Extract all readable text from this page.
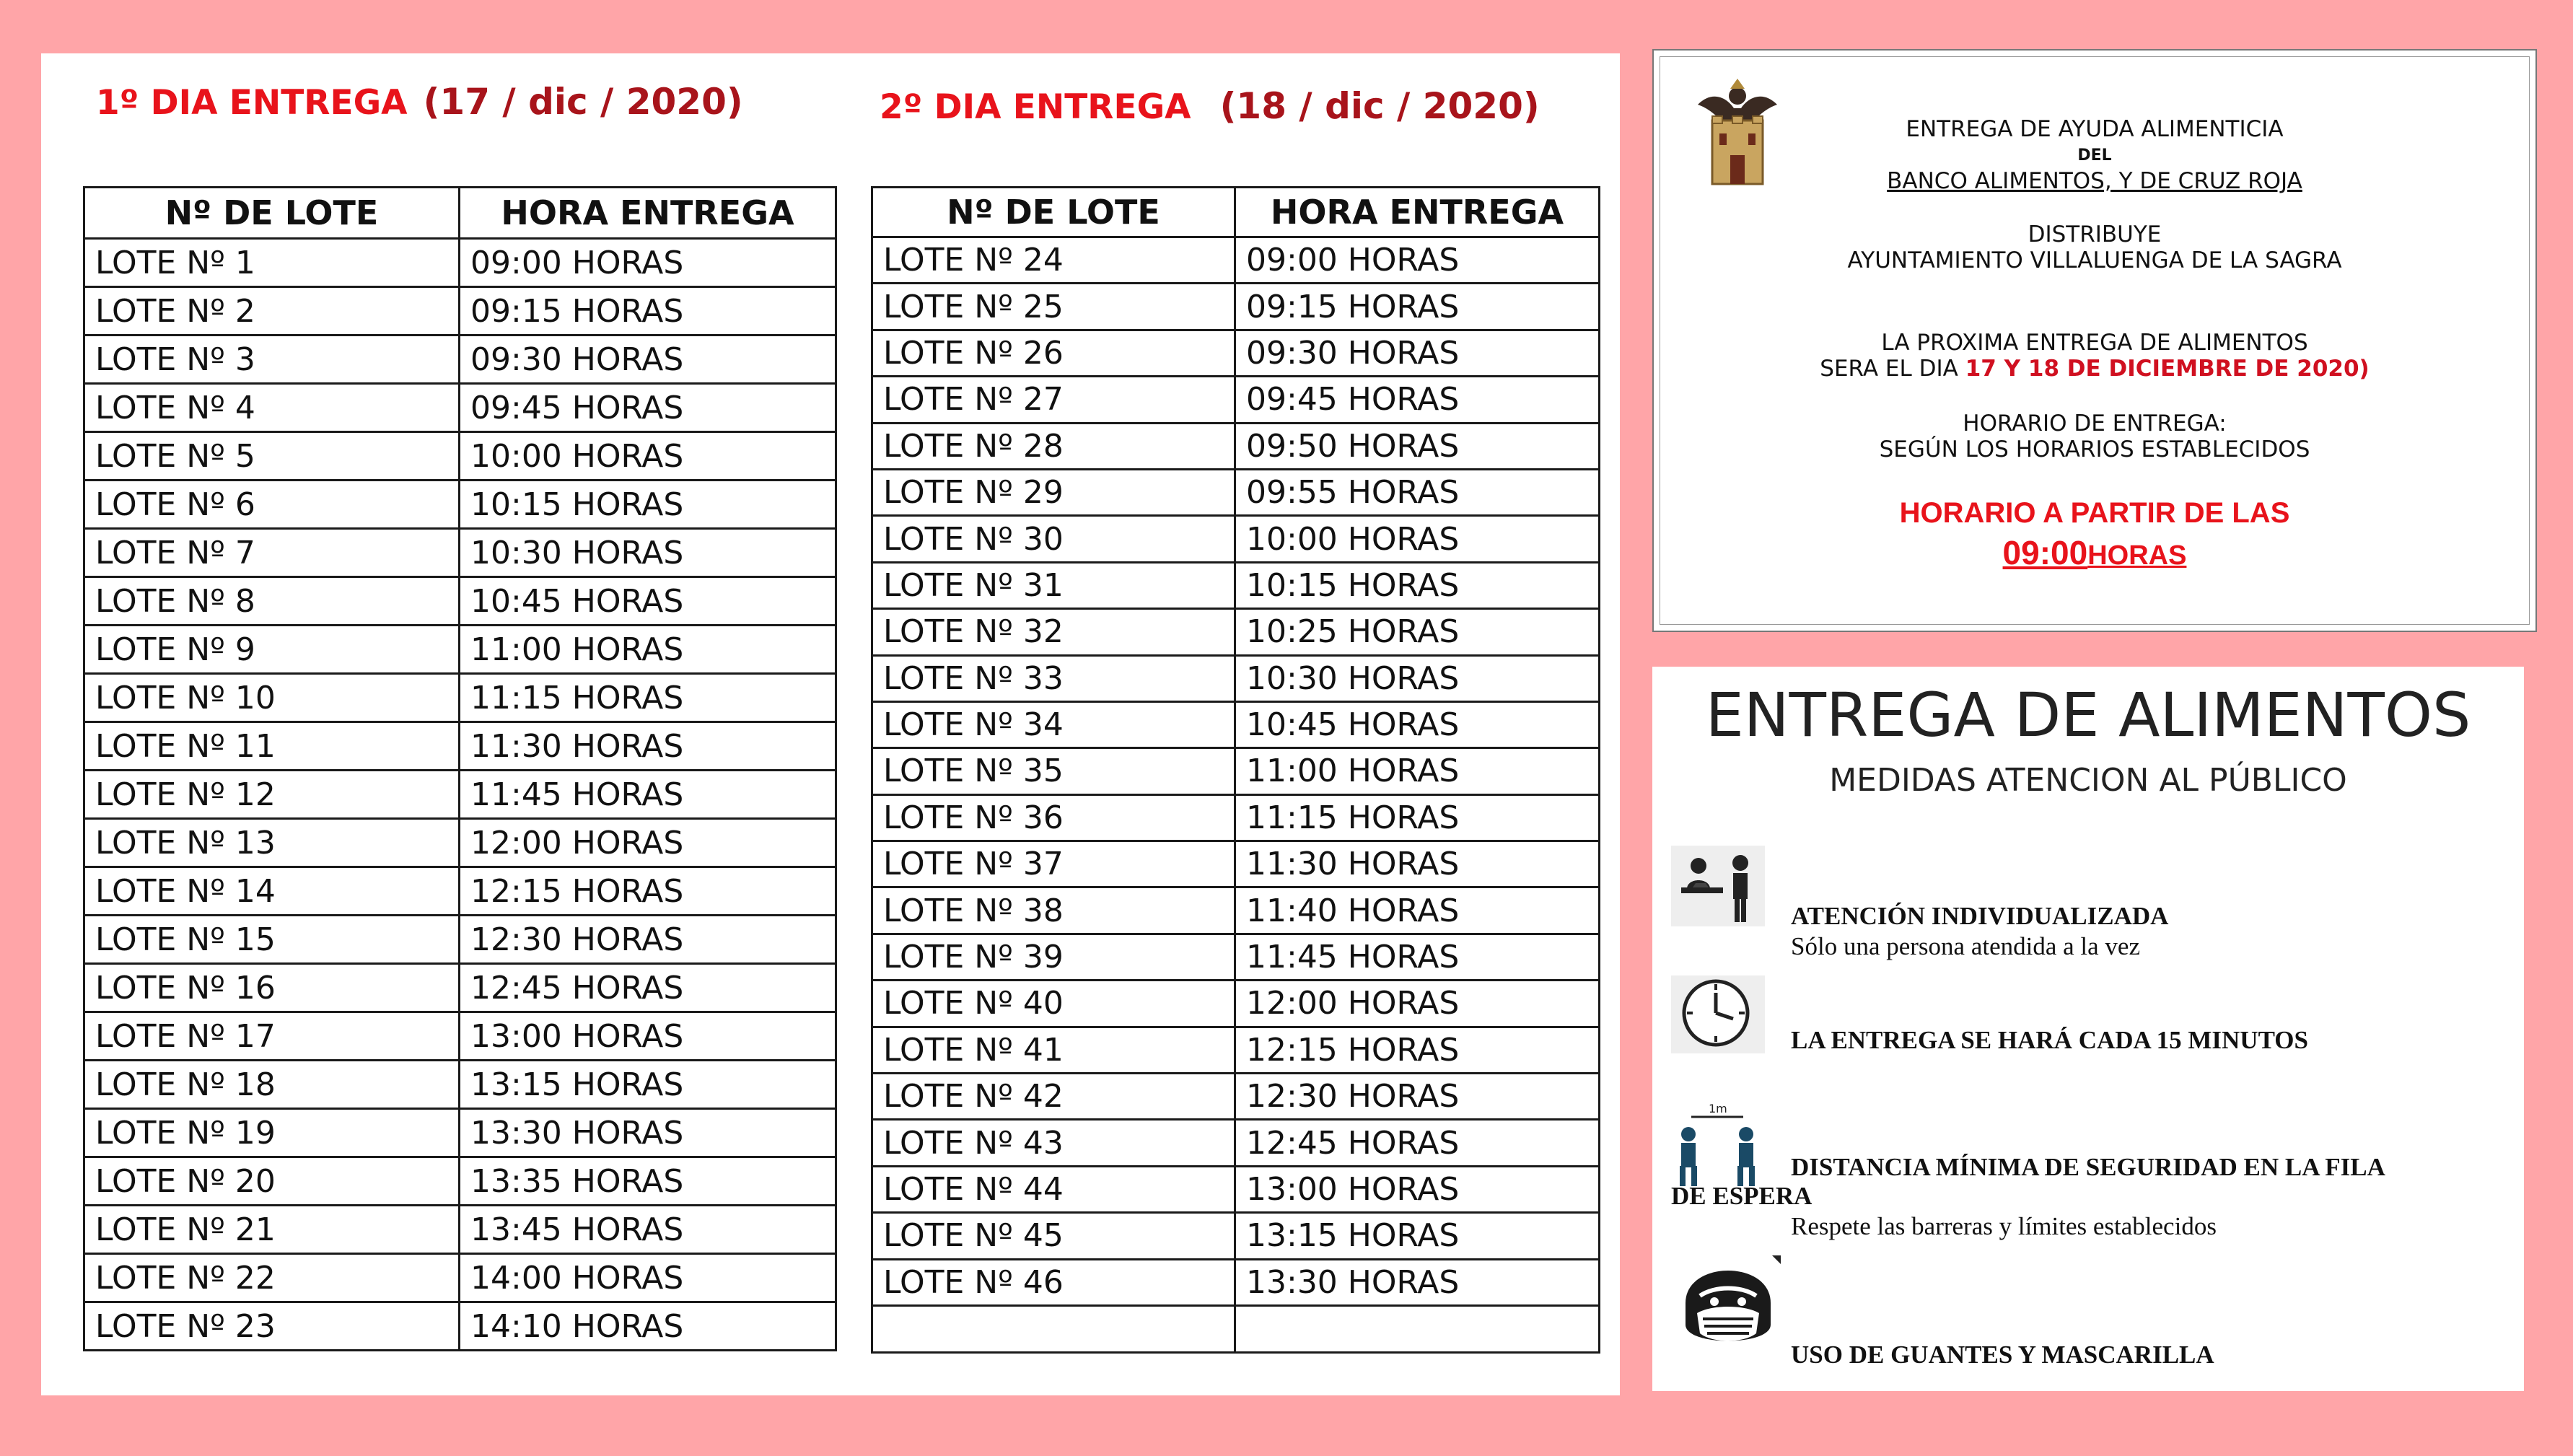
1º DIA ENTREGA (17 / dic / 2020)	2º DIA ENTREGA (18 / dic / 2020)
Nº DE LOTE	HORA ENTREGA
LOTE Nº 1	09:00 HORAS
LOTE Nº 2	09:15 HORAS
LOTE Nº 3	09:30 HORAS
LOTE Nº 4	09:45 HORAS
LOTE Nº 5	10:00 HORAS
LOTE Nº 6	10:15 HORAS
LOTE Nº 7	10:30 HORAS
LOTE Nº 8	10:45 HORAS
LOTE Nº 9	11:00 HORAS
LOTE Nº 10	11:15 HORAS
LOTE Nº 11	11:30 HORAS
LOTE Nº 12	11:45 HORAS
LOTE Nº 13	12:00 HORAS
LOTE Nº 14	12:15 HORAS
LOTE Nº 15	12:30 HORAS
LOTE Nº 16	12:45 HORAS
LOTE Nº 17	13:00 HORAS
LOTE Nº 18	13:15 HORAS
LOTE Nº 19	13:30 HORAS
LOTE Nº 20	13:35 HORAS
LOTE Nº 21	13:45 HORAS
LOTE Nº 22	14:00 HORAS
LOTE Nº 23	14:10 HORAS
Nº DE LOTE	HORA ENTREGA
LOTE Nº 24	09:00 HORAS
LOTE Nº 25	09:15 HORAS
LOTE Nº 26	09:30 HORAS
LOTE Nº 27	09:45 HORAS
LOTE Nº 28	09:50 HORAS
LOTE Nº 29	09:55 HORAS
LOTE Nº 30	10:00 HORAS
LOTE Nº 31	10:15 HORAS
LOTE Nº 32	10:25 HORAS
LOTE Nº 33	10:30 HORAS
LOTE Nº 34	10:45 HORAS
LOTE Nº 35	11:00 HORAS
LOTE Nº 36	11:15 HORAS
LOTE Nº 37	11:30 HORAS
LOTE Nº 38	11:40 HORAS
LOTE Nº 39	11:45 HORAS
LOTE Nº 40	12:00 HORAS
LOTE Nº 41	12:15 HORAS
LOTE Nº 42	12:30 HORAS
LOTE Nº 43	12:45 HORAS
LOTE Nº 44	13:00 HORAS
LOTE Nº 45	13:15 HORAS
LOTE Nº 46	13:30 HORAS

ENTREGA DE AYUDA ALIMENTICIA
DEL
BANCO ALIMENTOS, Y DE CRUZ ROJA
DISTRIBUYE
AYUNTAMIENTO VILLALUENGA DE LA SAGRA
LA PROXIMA ENTREGA DE ALIMENTOS
SERA EL DIA 17 Y 18 DE DICIEMBRE DE 2020)
HORARIO DE ENTREGA:
SEGÚN LOS HORARIOS ESTABLECIDOS
HORARIO A PARTIR DE LAS
09:00HORAS
ENTREGA DE ALIMENTOS
MEDIDAS ATENCION AL PÚBLICO
ATENCIÓN INDIVIDUALIZADA
Sólo una persona atendida a la vez
LA ENTREGA SE HARÁ CADA 15 MINUTOS
1m
DISTANCIA MÍNIMA DE SEGURIDAD EN LA FILA
DE ESPERA
Respete las barreras y límites establecidos
USO DE GUANTES Y MASCARILLA
